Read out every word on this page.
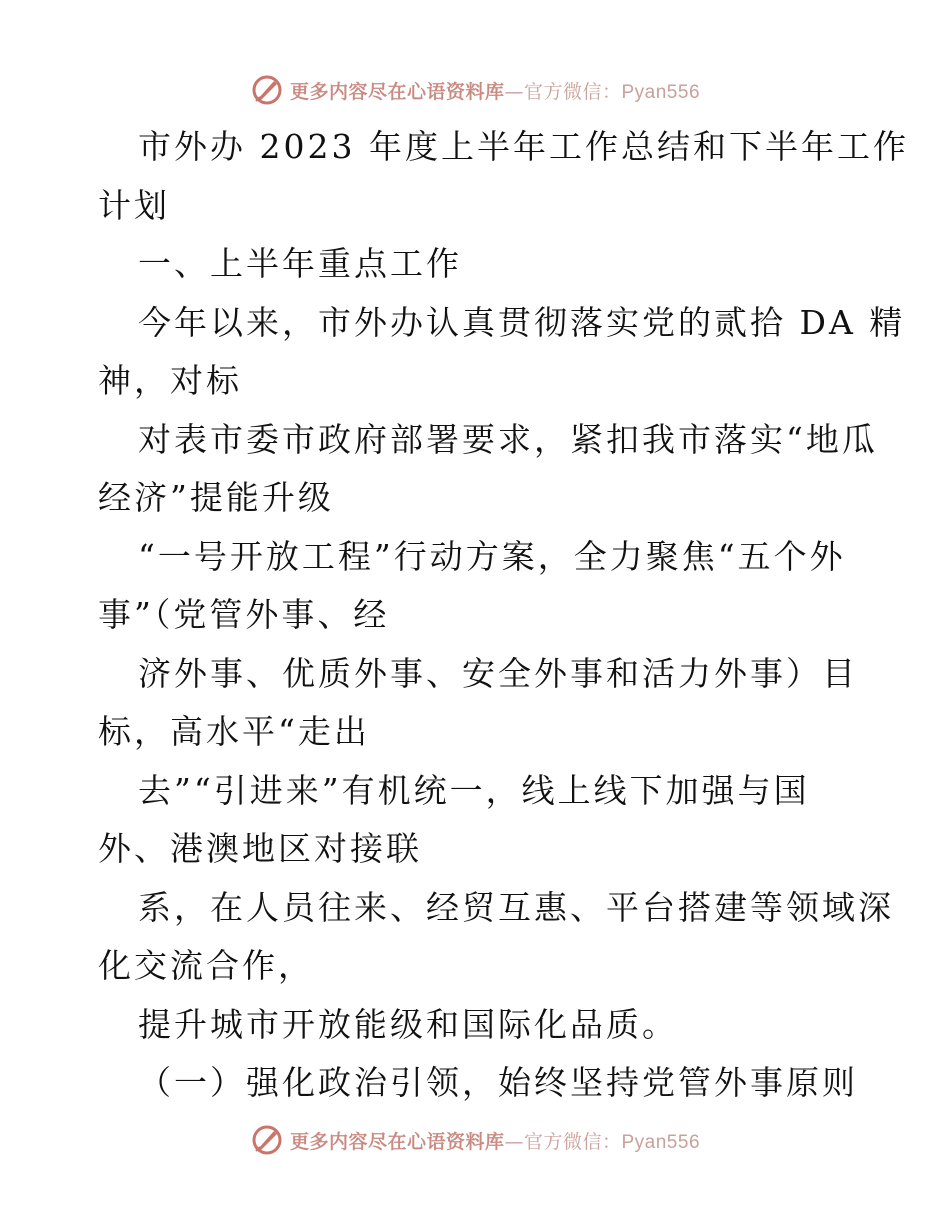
更多内容尽在心语资料库—官方微信：Pyan556
市外办 2023 年度上半年工作总结和下半年工作
计划
一、上半年重点工作
今年以来，市外办认真贯彻落实党的贰拾 DA 精
神，对标
对表市委市政府部署要求，紧扣我市落实“地瓜
经济”提能升级
“一号开放工程”行动方案，全力聚焦“五个外
事”（党管外事、经
济外事、优质外事、安全外事和活力外事）目
标，高水平“走出
去”“引进来”有机统一，线上线下加强与国
外、港澳地区对接联
系，在人员往来、经贸互惠、平台搭建等领域深
化交流合作，
提升城市开放能级和国际化品质。
（一）强化政治引领，始终坚持党管外事原则
更多内容尽在心语资料库—官方微信：Pyan556
